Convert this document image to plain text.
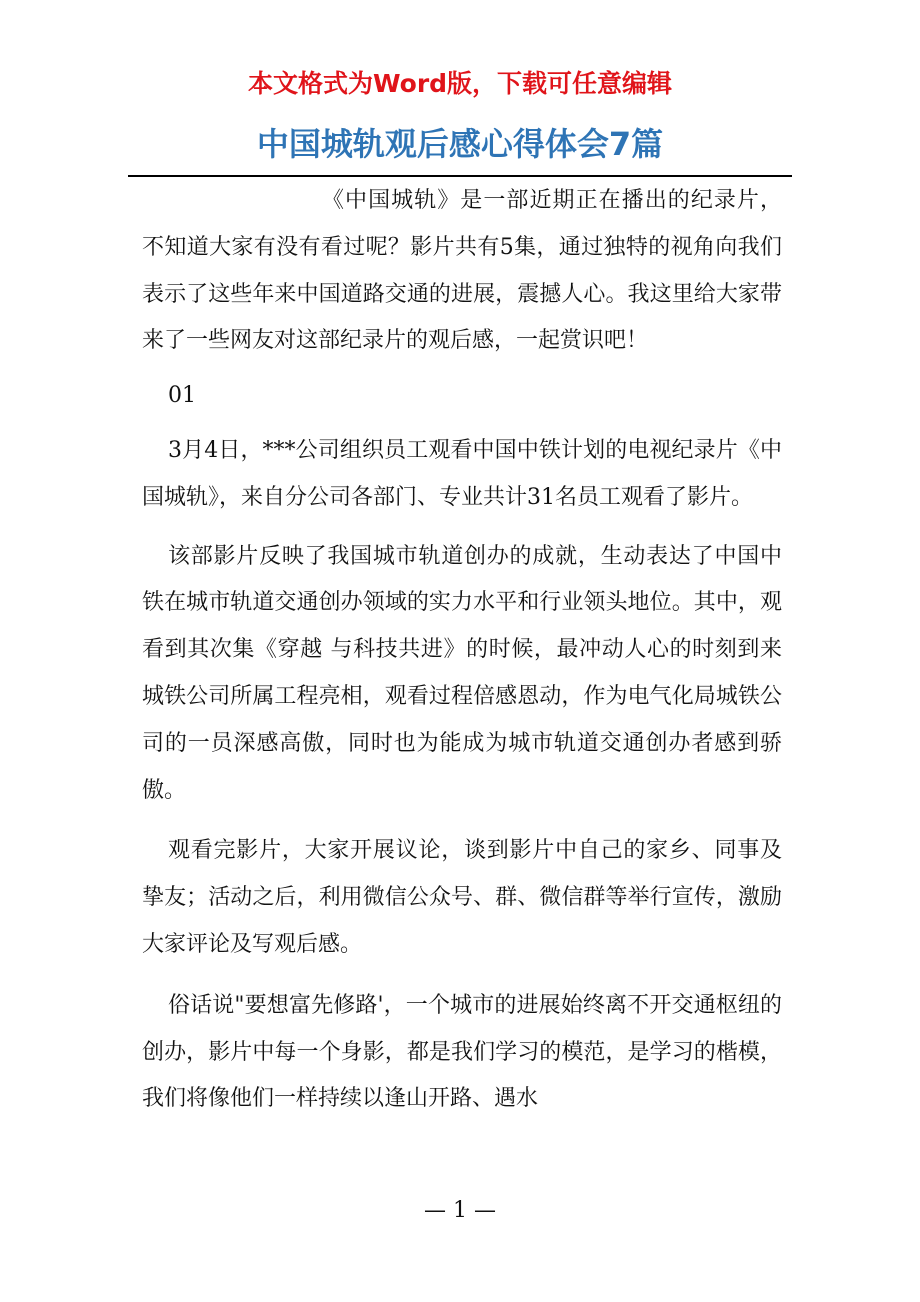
本文格式为Word版，下载可任意编辑
中国城轨观后感心得体会7篇

《中国城轨》是一部近期正在播出的纪录片，不知道大家有没有看过呢？影片共有5集，通过独特的视角向我们表示了这些年来中国道路交通的进展，震撼人心。我这里给大家带来了一些网友对这部纪录片的观后感，一起赏识吧！

01

3月4日，***公司组织员工观看中国中铁计划的电视纪录片《中国城轨》，来自分公司各部门、专业共计31名员工观看了影片。

该部影片反映了我国城市轨道创办的成就，生动表达了中国中铁在城市轨道交通创办领域的实力水平和行业领头地位。其中，观看到其次集《穿越 与科技共进》的时候，最冲动人心的时刻到来城铁公司所属工程亮相，观看过程倍感恩动，作为电气化局城铁公司的一员深感高傲，同时也为能成为城市轨道交通创办者感到骄傲。

观看完影片，大家开展议论，谈到影片中自己的家乡、同事及挚友；活动之后，利用微信公众号、群、微信群等举行宣传，激励大家评论及写观后感。

俗话说"要想富先修路'，一个城市的进展始终离不开交通枢纽的创办，影片中每一个身影，都是我们学习的模范，是学习的楷模，我们将像他们一样持续以逢山开路、遇水

— 1 —
